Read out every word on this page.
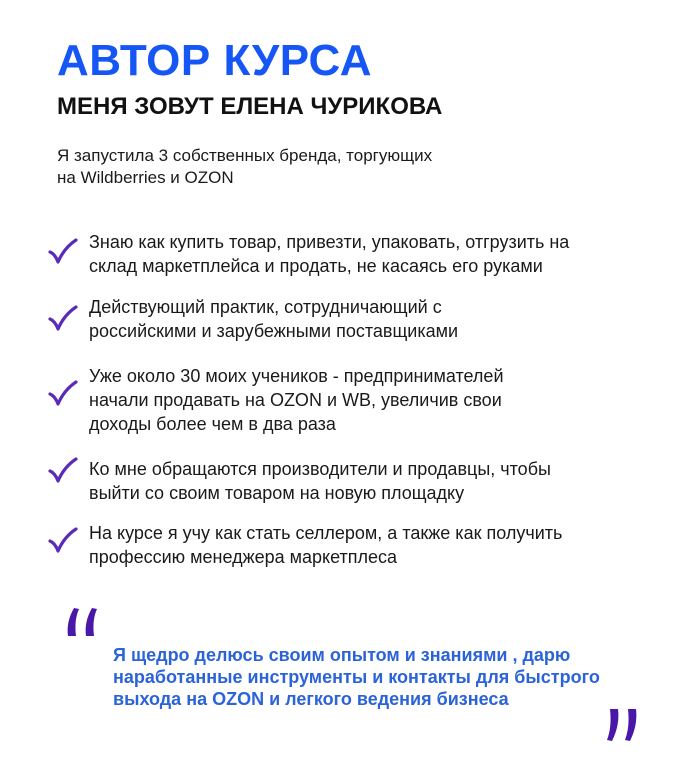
АВТОР КУРСА
МЕНЯ ЗОВУТ ЕЛЕНА ЧУРИКОВА
Я запустила 3 собственных бренда, торгующих
на Wildberries и OZON
Знаю как купить товар, привезти, упаковать, отгрузить на
склад маркетплейса и продать, не касаясь его руками
Действующий практик, сотрудничающий с
российскими и зарубежными поставщиками
Уже около 30 моих учеников - предпринимателей
начали продавать на OZON и WB, увеличив свои
доходы более чем в два раза
Ко мне обращаются производители и продавцы, чтобы
выйти со своим товаром на новую площадку
На курсе я учу как стать селлером, а также как получить
профессию менеджера маркетплеса
Я щедро делюсь своим опытом и знаниями , дарю
наработанные инструменты и контакты для быстрого
выхода на OZON и легкого ведения бизнеса
